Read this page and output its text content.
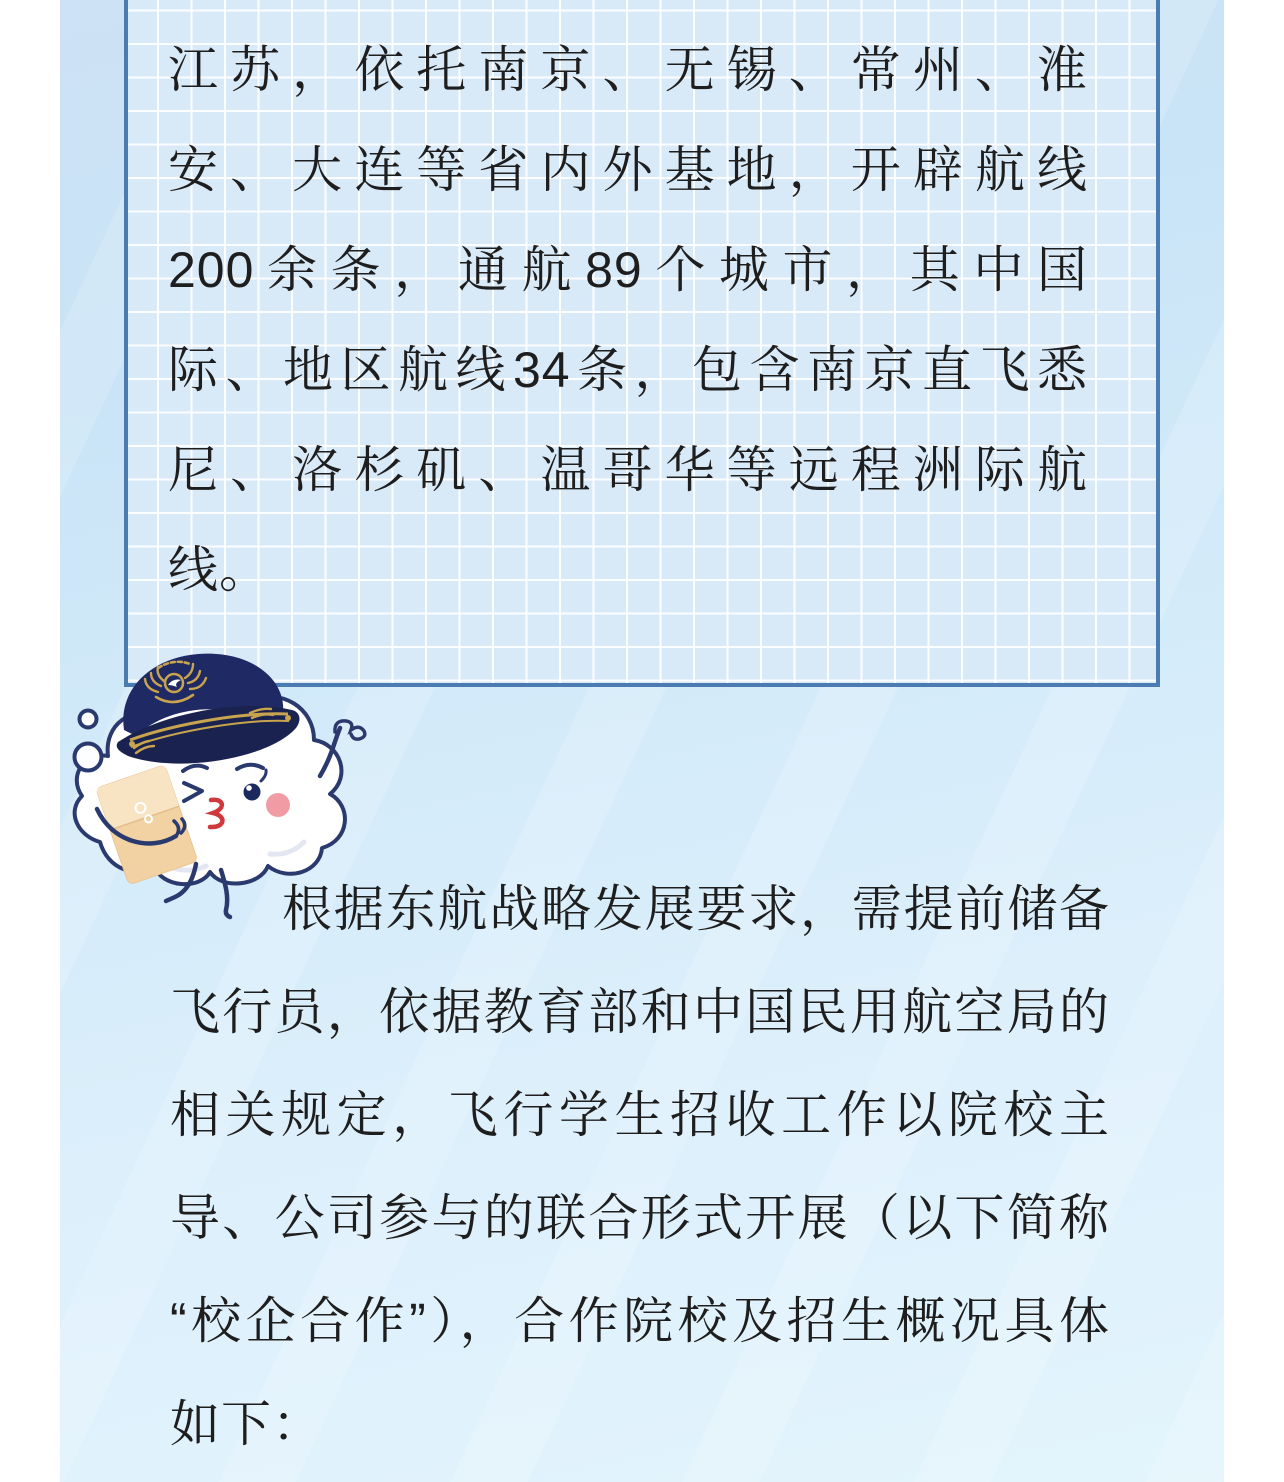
江苏，依托南京、无锡、常州、淮
安、大连等省内外基地，开辟航线
200余条，通航89个城市，其中国
际、地区航线34条，包含南京直飞悉
尼、洛杉矶、温哥华等远程洲际航
线。
根据东航战略发展要求，需提前储备
飞行员，依据教育部和中国民用航空局的
相关规定，飞行学生招收工作以院校主
导、公司参与的联合形式开展（以下简称
“校企合作”），合作院校及招生概况具体
如下：
